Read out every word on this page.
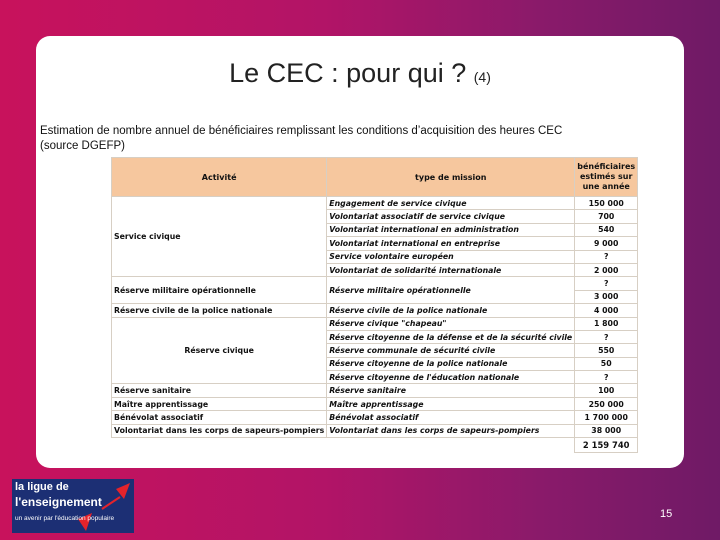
Le CEC : pour qui ? (4)
Estimation de nombre annuel de bénéficiaires remplissant les conditions d’acquisition des heures CEC
(source DGEFP)
Activité	type de mission	bénéficiaires estimés sur une année
Service civique	Engagement de service civique	150 000
	Volontariat associatif de service civique	700
	Volontariat international en administration	540
	Volontariat international en entreprise	9 000
	Service volontaire européen	?
	Volontariat de solidarité internationale	2 000
Réserve militaire opérationnelle	Réserve militaire opérationnelle	?
		3 000
Réserve civile de la police nationale	Réserve civile de la police nationale	4 000
Réserve civique	Réserve civique "chapeau"	1 800
	Réserve citoyenne de la défense et de la sécurité civile	?
	Réserve communale de sécurité civile	550
	Réserve citoyenne de la police nationale	50
	Réserve citoyenne de l'éducation nationale	?
Réserve sanitaire	Réserve sanitaire	100
Maître apprentissage	Maître apprentissage	250 000
Bénévolat associatif	Bénévolat associatif	1 700 000
Volontariat dans les corps de sapeurs-pompiers	Volontariat dans les corps de sapeurs-pompiers	38 000
		2 159 740
la ligue de
l'enseignement
un avenir par l'éducation populaire	15
